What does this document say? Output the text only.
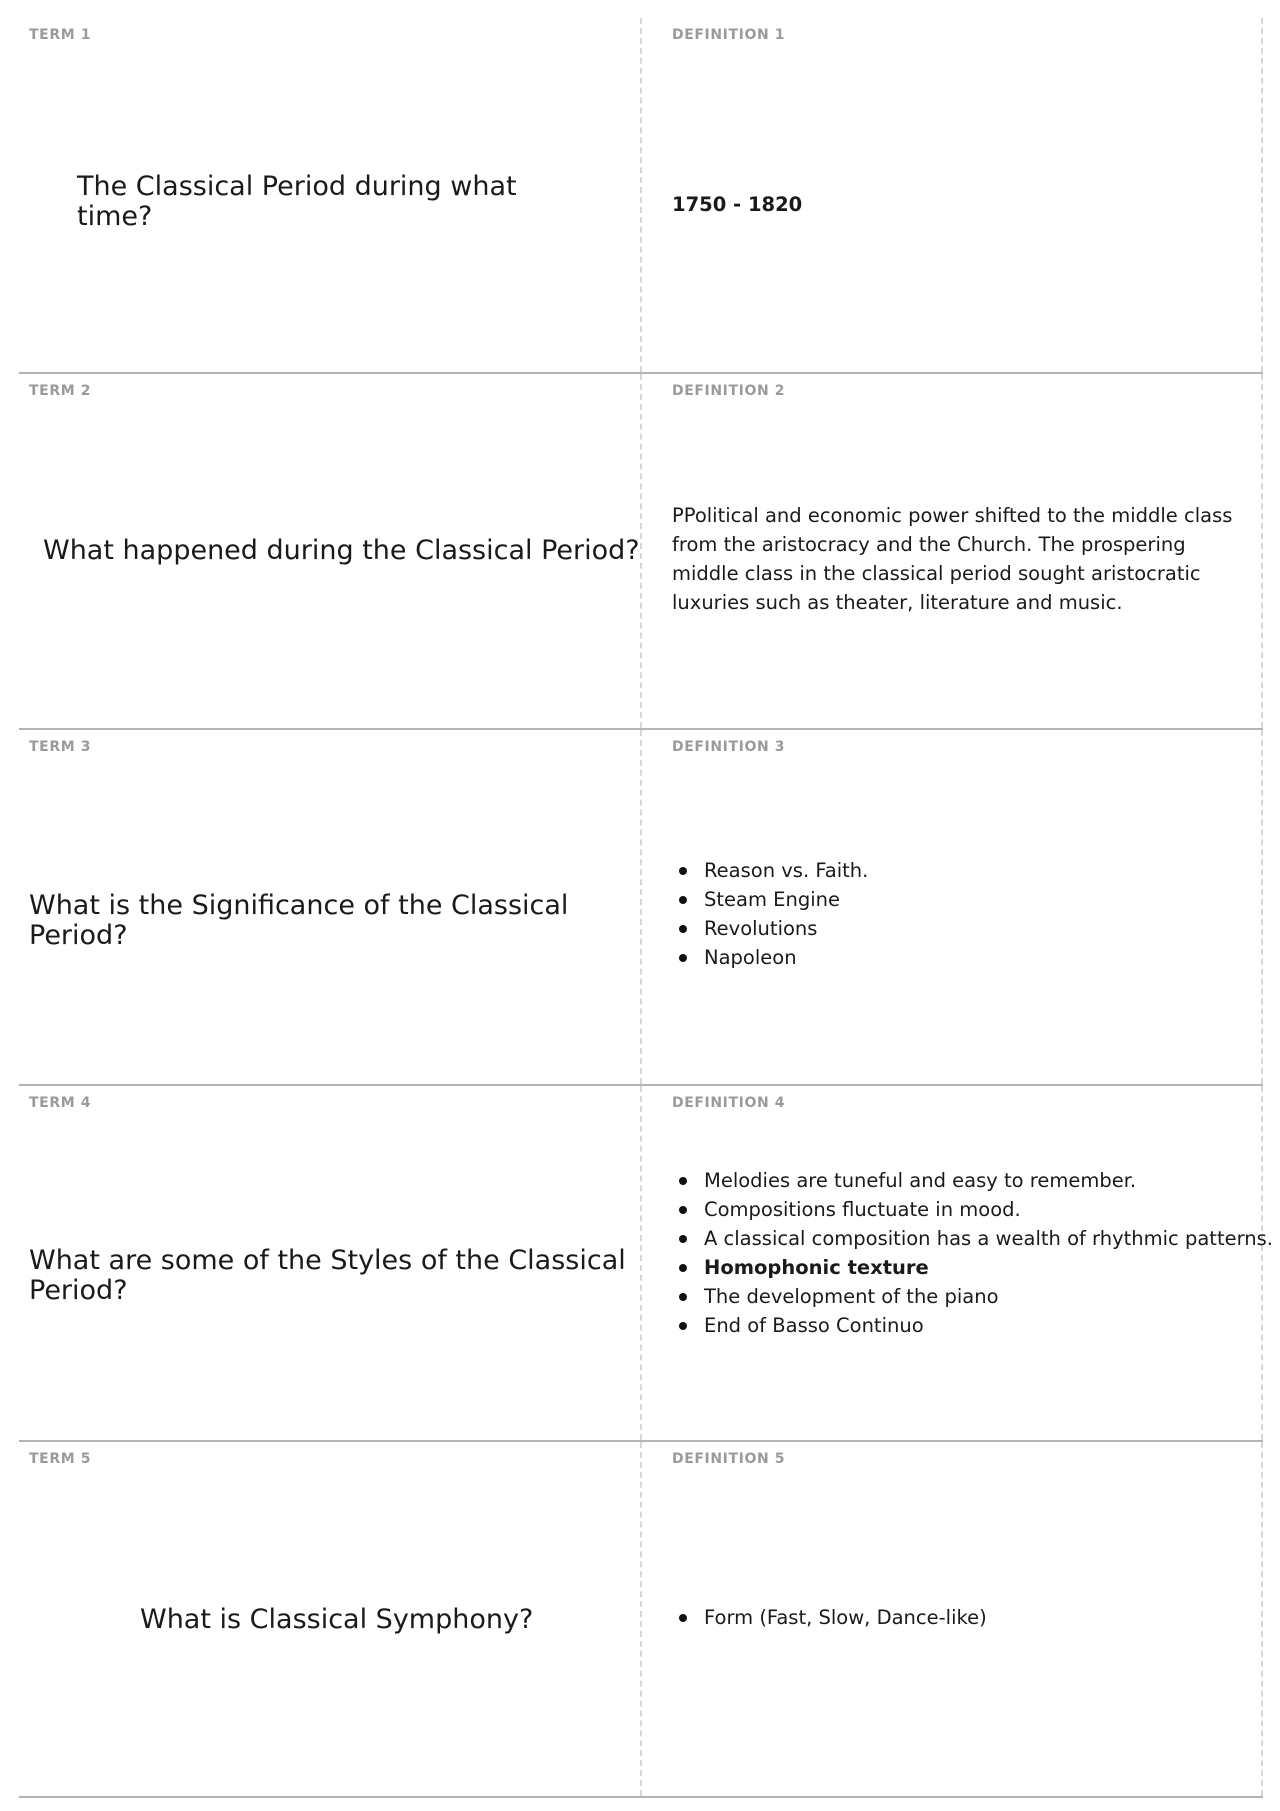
TERM 1
The Classical Period during what time?
DEFINITION 1
1750 - 1820
TERM 2
What happened during the Classical Period?
DEFINITION 2
PPolitical and economic power shifted to the middle class from the aristocracy and the Church. The prospering middle class in the classical period sought aristocratic luxuries such as theater, literature and music.
TERM 3
What is the Significance of the Classical Period?
DEFINITION 3
Reason vs. Faith.
Steam Engine
Revolutions
Napoleon
TERM 4
What are some of the Styles of the Classical Period?
DEFINITION 4
Melodies are tuneful and easy to remember.
Compositions fluctuate in mood.
A classical composition has a wealth of rhythmic patterns.
Homophonic texture
The development of the piano
End of Basso Continuo
TERM 5
What is Classical Symphony?
DEFINITION 5
Form (Fast, Slow, Dance-like)
